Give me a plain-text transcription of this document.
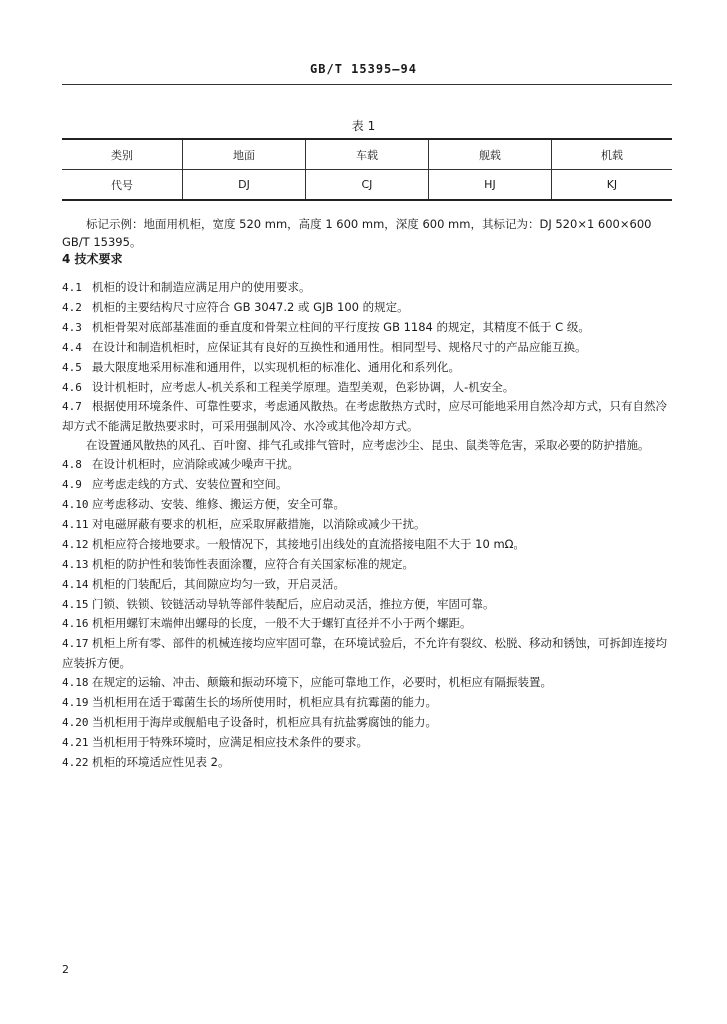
GB/T 15395—94
表 1
类别	地面	车载	舰载	机载
代号	DJ	CJ	HJ	KJ

标记示例：地面用机柜，宽度 520 mm，高度 1 600 mm，深度 600 mm，其标记为：DJ 520×1 600×600 GB/T 15395。

4 技术要求

4.1 机柜的设计和制造应满足用户的使用要求。

4.2 机柜的主要结构尺寸应符合 GB 3047.2 或 GJB 100 的规定。

4.3 机柜骨架对底部基准面的垂直度和骨架立柱间的平行度按 GB 1184 的规定，其精度不低于 C 级。

4.4 在设计和制造机柜时，应保证其有良好的互换性和通用性。相同型号、规格尺寸的产品应能互换。

4.5 最大限度地采用标准和通用件，以实现机柜的标准化、通用化和系列化。

4.6 设计机柜时，应考虑人-机关系和工程美学原理。造型美观，色彩协调，人-机安全。

4.7 根据使用环境条件、可靠性要求，考虑通风散热。在考虑散热方式时，应尽可能地采用自然冷却方式，只有自然冷却方式不能满足散热要求时，可采用强制风冷、水冷或其他冷却方式。

在设置通风散热的风孔、百叶窗、排气孔或排气管时，应考虑沙尘、昆虫、鼠类等危害，采取必要的防护措施。

4.8 在设计机柜时，应消除或减少噪声干扰。

4.9 应考虑走线的方式、安装位置和空间。

4.10 应考虑移动、安装、维修、搬运方便，安全可靠。

4.11 对电磁屏蔽有要求的机柜，应采取屏蔽措施，以消除或减少干扰。

4.12 机柜应符合接地要求。一般情况下，其接地引出线处的直流搭接电阻不大于 10 mΩ。

4.13 机柜的防护性和装饰性表面涂覆，应符合有关国家标准的规定。

4.14 机柜的门装配后，其间隙应均匀一致，开启灵活。

4.15 门锁、铁锁、铰链活动导轨等部件装配后，应启动灵活，推拉方便，牢固可靠。

4.16 机柜用螺钉末端伸出螺母的长度，一般不大于螺钉直径并不小于两个螺距。

4.17 机柜上所有零、部件的机械连接均应牢固可靠，在环境试验后，不允许有裂纹、松脱、移动和锈蚀，可拆卸连接均应装拆方便。

4.18 在规定的运输、冲击、颠簸和振动环境下，应能可靠地工作，必要时，机柜应有隔振装置。

4.19 当机柜用在适于霉菌生长的场所使用时，机柜应具有抗霉菌的能力。

4.20 当机柜用于海岸或舰船电子设备时，机柜应具有抗盐雾腐蚀的能力。

4.21 当机柜用于特殊环境时，应满足相应技术条件的要求。

4.22 机柜的环境适应性见表 2。

2
